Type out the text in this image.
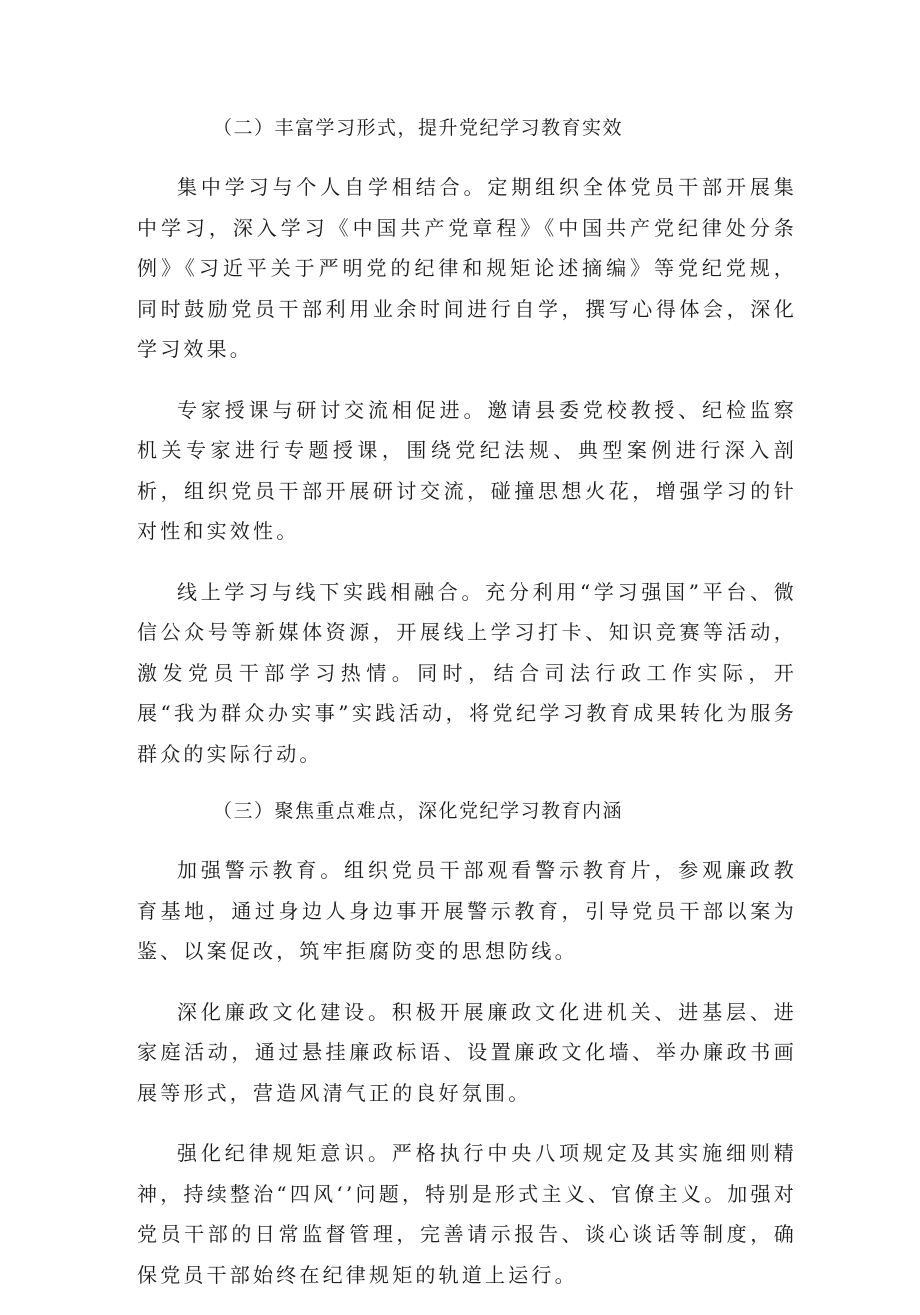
（二）丰富学习形式，提升党纪学习教育实效

集中学习与个人自学相结合。定期组织全体党员干部开展集中学习，深入学习《中国共产党章程》《中国共产党纪律处分条例》《习近平关于严明党的纪律和规矩论述摘编》等党纪党规，同时鼓励党员干部利用业余时间进行自学，撰写心得体会，深化学习效果。

专家授课与研讨交流相促进。邀请县委党校教授、纪检监察机关专家进行专题授课，围绕党纪法规、典型案例进行深入剖析，组织党员干部开展研讨交流，碰撞思想火花，增强学习的针对性和实效性。

线上学习与线下实践相融合。充分利用“学习强国”平台、微信公众号等新媒体资源，开展线上学习打卡、知识竞赛等活动，激发党员干部学习热情。同时，结合司法行政工作实际，开展“我为群众办实事”实践活动，将党纪学习教育成果转化为服务群众的实际行动。

（三）聚焦重点难点，深化党纪学习教育内涵

加强警示教育。组织党员干部观看警示教育片，参观廉政教育基地，通过身边人身边事开展警示教育，引导党员干部以案为鉴、以案促改，筑牢拒腐防变的思想防线。

深化廉政文化建设。积极开展廉政文化进机关、进基层、进家庭活动，通过悬挂廉政标语、设置廉政文化墙、举办廉政书画展等形式，营造风清气正的良好氛围。

强化纪律规矩意识。严格执行中央八项规定及其实施细则精神，持续整治“四风‘’问题，特别是形式主义、官僚主义。加强对党员干部的日常监督管理，完善请示报告、谈心谈话等制度，确保党员干部始终在纪律规矩的轨道上运行。
